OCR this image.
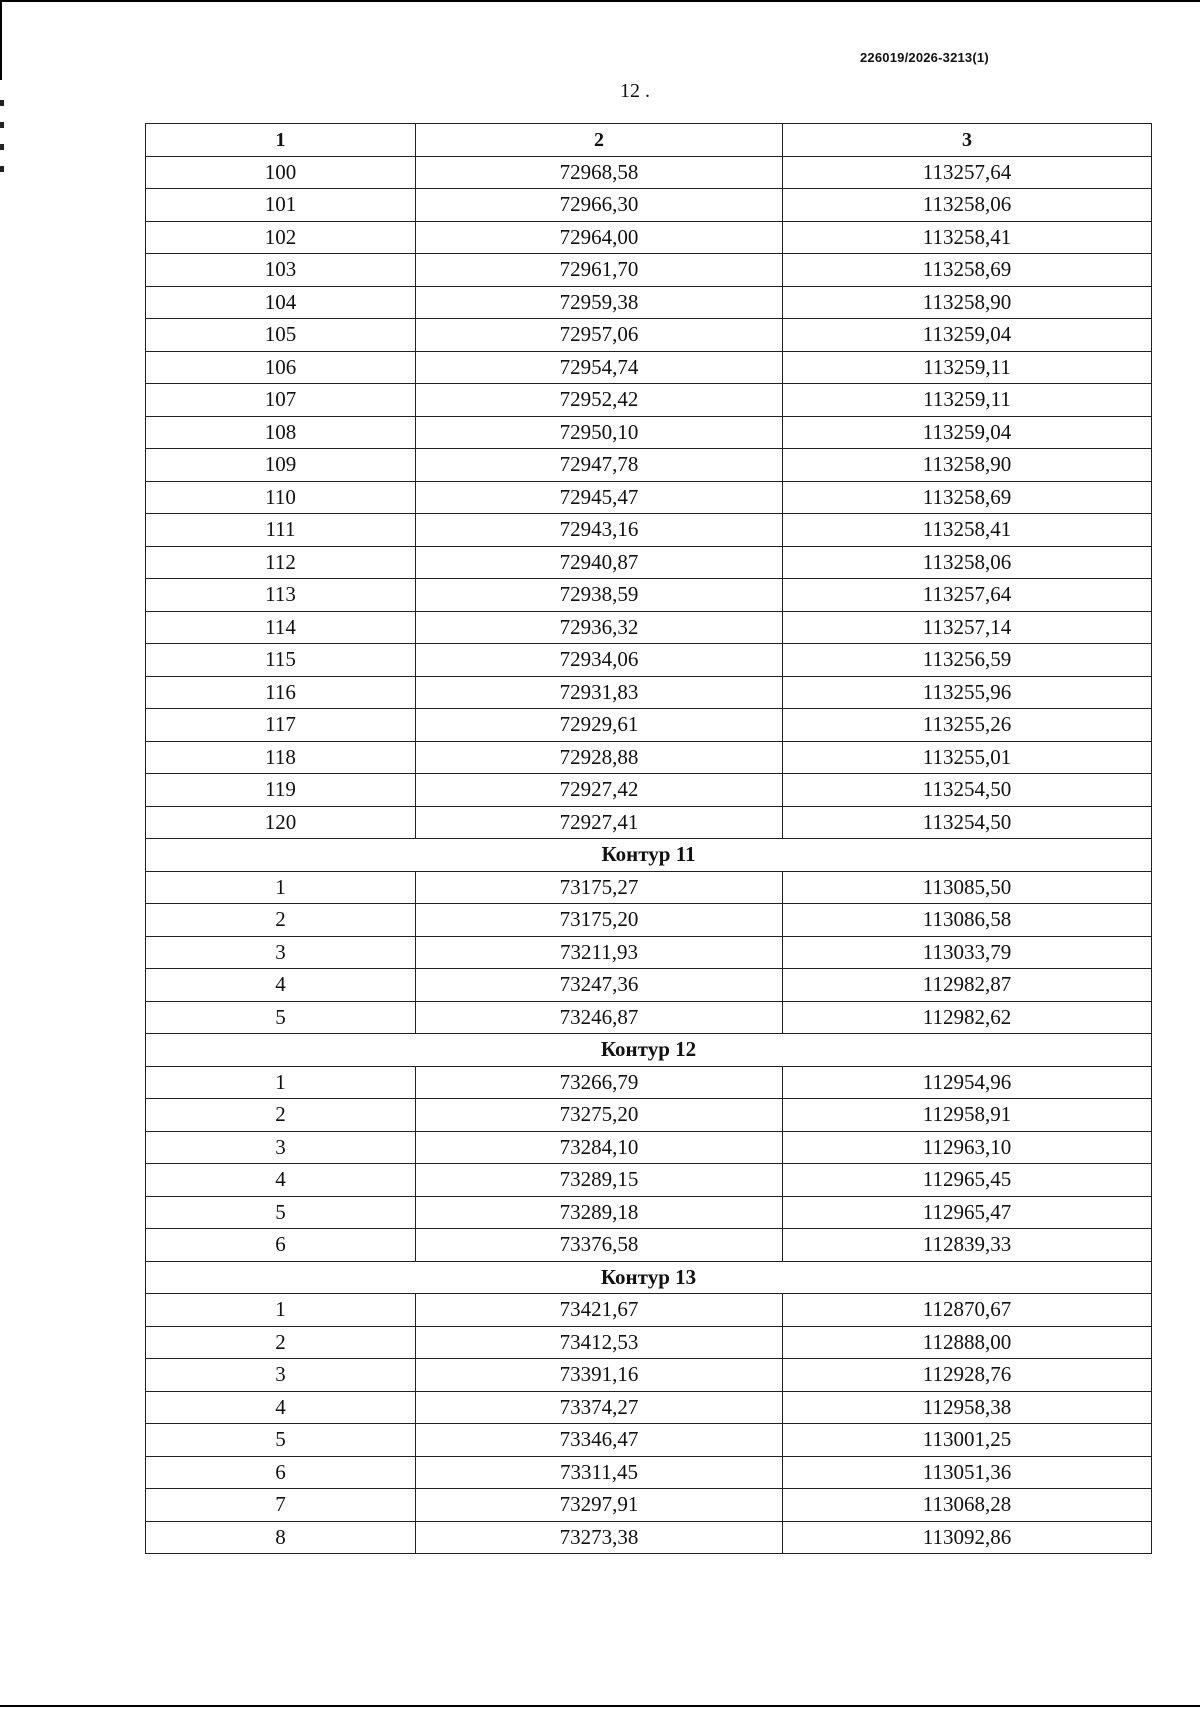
226019/2026-3213(1)
12 .
1	2	3
100	72968,58	113257,64
101	72966,30	113258,06
102	72964,00	113258,41
103	72961,70	113258,69
104	72959,38	113258,90
105	72957,06	113259,04
106	72954,74	113259,11
107	72952,42	113259,11
108	72950,10	113259,04
109	72947,78	113258,90
110	72945,47	113258,69
111	72943,16	113258,41
112	72940,87	113258,06
113	72938,59	113257,64
114	72936,32	113257,14
115	72934,06	113256,59
116	72931,83	113255,96
117	72929,61	113255,26
118	72928,88	113255,01
119	72927,42	113254,50
120	72927,41	113254,50
Контур 11		
1	73175,27	113085,50
2	73175,20	113086,58
3	73211,93	113033,79
4	73247,36	112982,87
5	73246,87	112982,62
Контур 12		
1	73266,79	112954,96
2	73275,20	112958,91
3	73284,10	112963,10
4	73289,15	112965,45
5	73289,18	112965,47
6	73376,58	112839,33
Контур 13		
1	73421,67	112870,67
2	73412,53	112888,00
3	73391,16	112928,76
4	73374,27	112958,38
5	73346,47	113001,25
6	73311,45	113051,36
7	73297,91	113068,28
8	73273,38	113092,86
